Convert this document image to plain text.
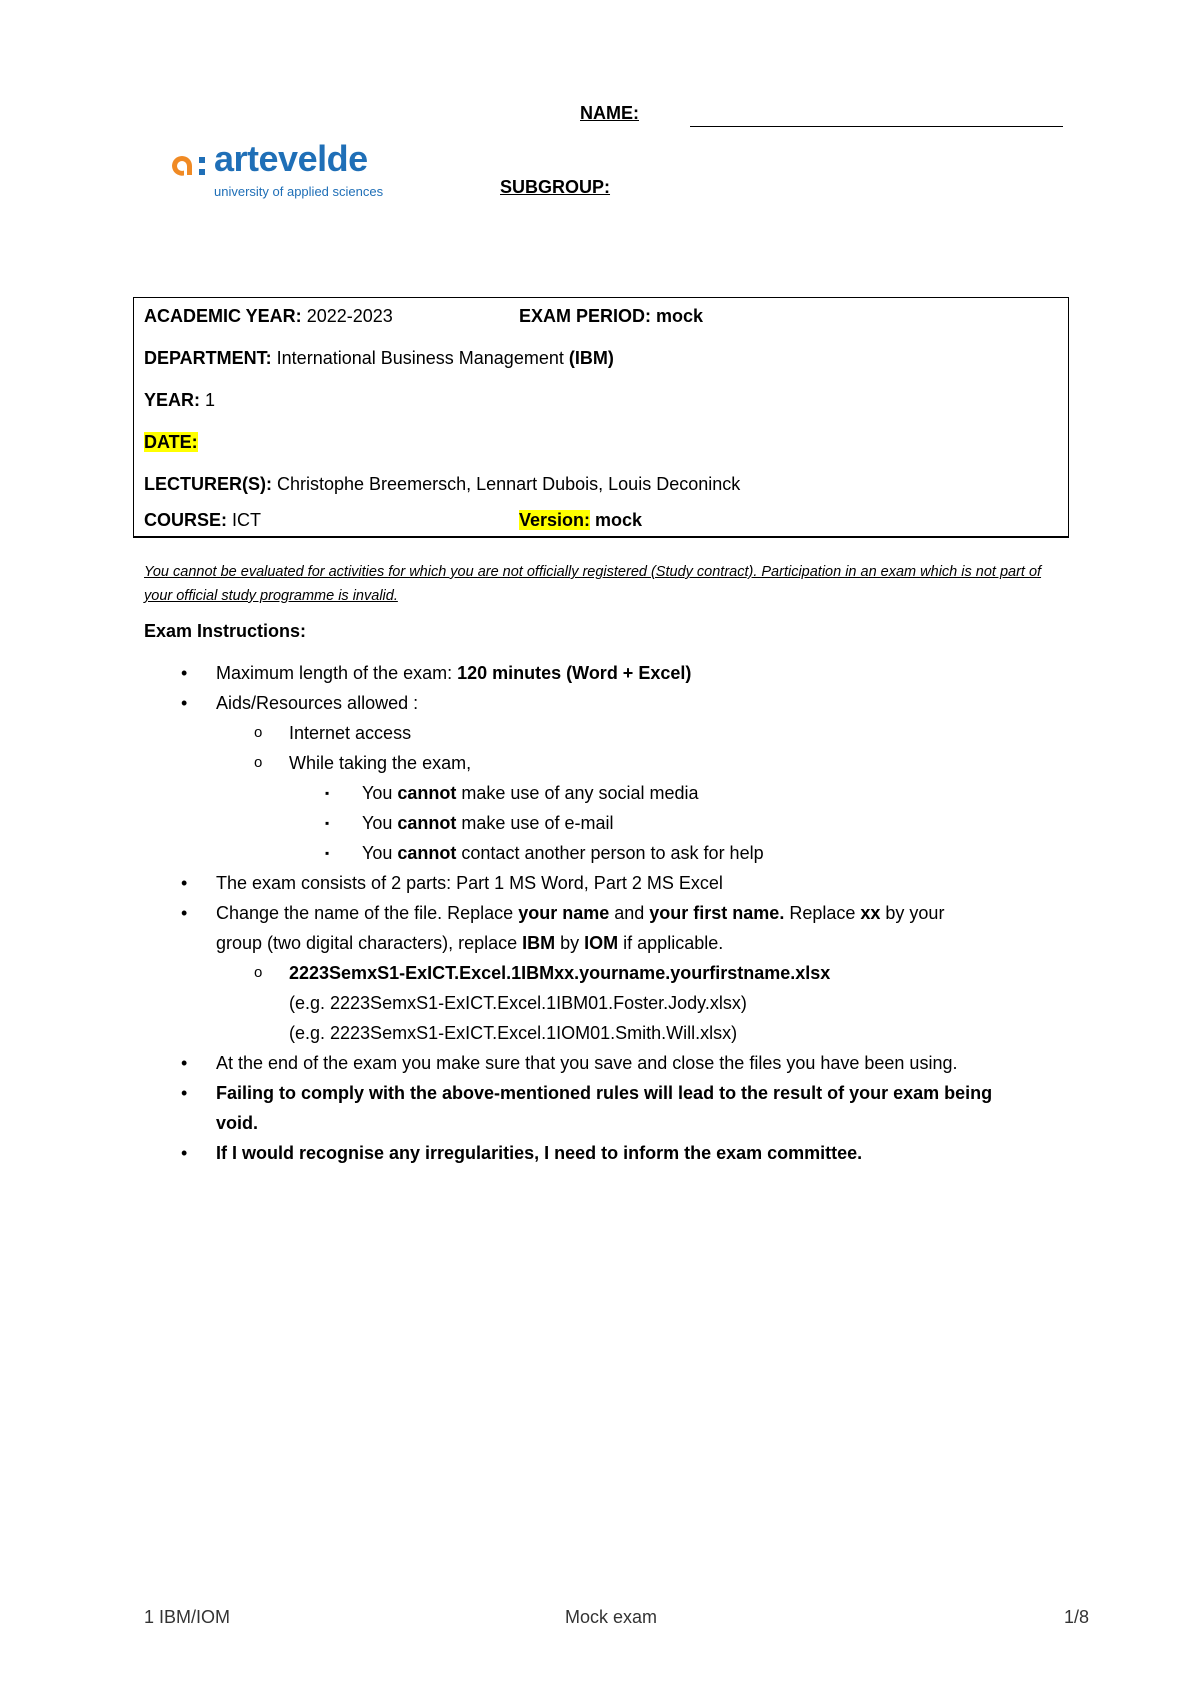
NAME:
SUBGROUP:
artevelde
university of applied sciences
ACADEMIC YEAR: 2022-2023	EXAM PERIOD: mock
DEPARTMENT: International Business Management (IBM)
YEAR: 1
DATE:
LECTURER(S): Christophe Breemersch, Lennart Dubois, Louis Deconinck
COURSE: ICT	Version: mock
You cannot be evaluated for activities for which you are not officially registered (Study contract). Participation in an exam which is not part of your official study programme is invalid.
Exam Instructions:
• Maximum length of the exam: 120 minutes (Word + Excel)
• Aids/Resources allowed :
o Internet access
o While taking the exam,
▪ You cannot make use of any social media
▪ You cannot make use of e-mail
▪ You cannot contact another person to ask for help
• The exam consists of 2 parts: Part 1 MS Word, Part 2 MS Excel
• Change the name of the file. Replace your name and your first name. Replace xx by your
group (two digital characters), replace IBM by IOM if applicable.
o 2223SemxS1-ExICT.Excel.1IBMxx.yourname.yourfirstname.xlsx
(e.g. 2223SemxS1-ExICT.Excel.1IBM01.Foster.Jody.xlsx)
(e.g. 2223SemxS1-ExICT.Excel.1IOM01.Smith.Will.xlsx)
• At the end of the exam you make sure that you save and close the files you have been using.
• Failing to comply with the above-mentioned rules will lead to the result of your exam being
void.
• If I would recognise any irregularities, I need to inform the exam committee.
1 IBM/IOM	Mock exam	1/8
